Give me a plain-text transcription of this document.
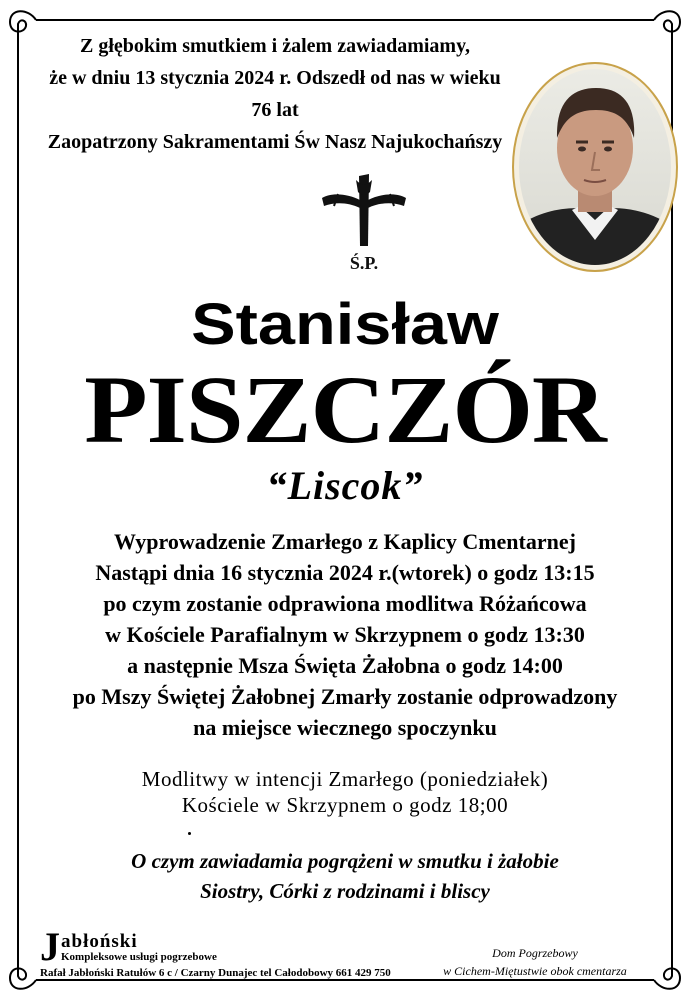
Z głębokim smutkiem i żalem zawiadamiamy,
że w dniu 13 stycznia 2024 r. Odszedł od nas w wieku 76 lat
Zaopatrzony Sakramentami Św Nasz Najukochańszy
Ś.P.
Stanisław
PISZCZÓR
“Liscok”
Wyprowadzenie Zmarłego z Kaplicy Cmentarnej
Nastąpi dnia 16 stycznia 2024 r.(wtorek) o godz 13:15
po czym zostanie odprawiona modlitwa Różańcowa
w Kościele Parafialnym w Skrzypnem o godz 13:30
a następnie Msza Święta Żałobna o godz 14:00
po Mszy Świętej Żałobnej Zmarły zostanie odprowadzony
na miejsce wiecznego spoczynku
Modlitwy w intencji Zmarłego (poniedziałek)
Kościele w Skrzypnem o godz 18;00
O czym zawiadamia pogrążeni w smutku i żałobie
Siostry, Córki z rodzinami i bliscy
J abłoński
Kompleksowe usługi pogrzebowe
Rafał Jabłoński Ratułów 6 c / Czarny Dunajec tel Całodobowy 661 429 750
Dom Pogrzebowy
w Cichem-Miętustwie obok cmentarza
